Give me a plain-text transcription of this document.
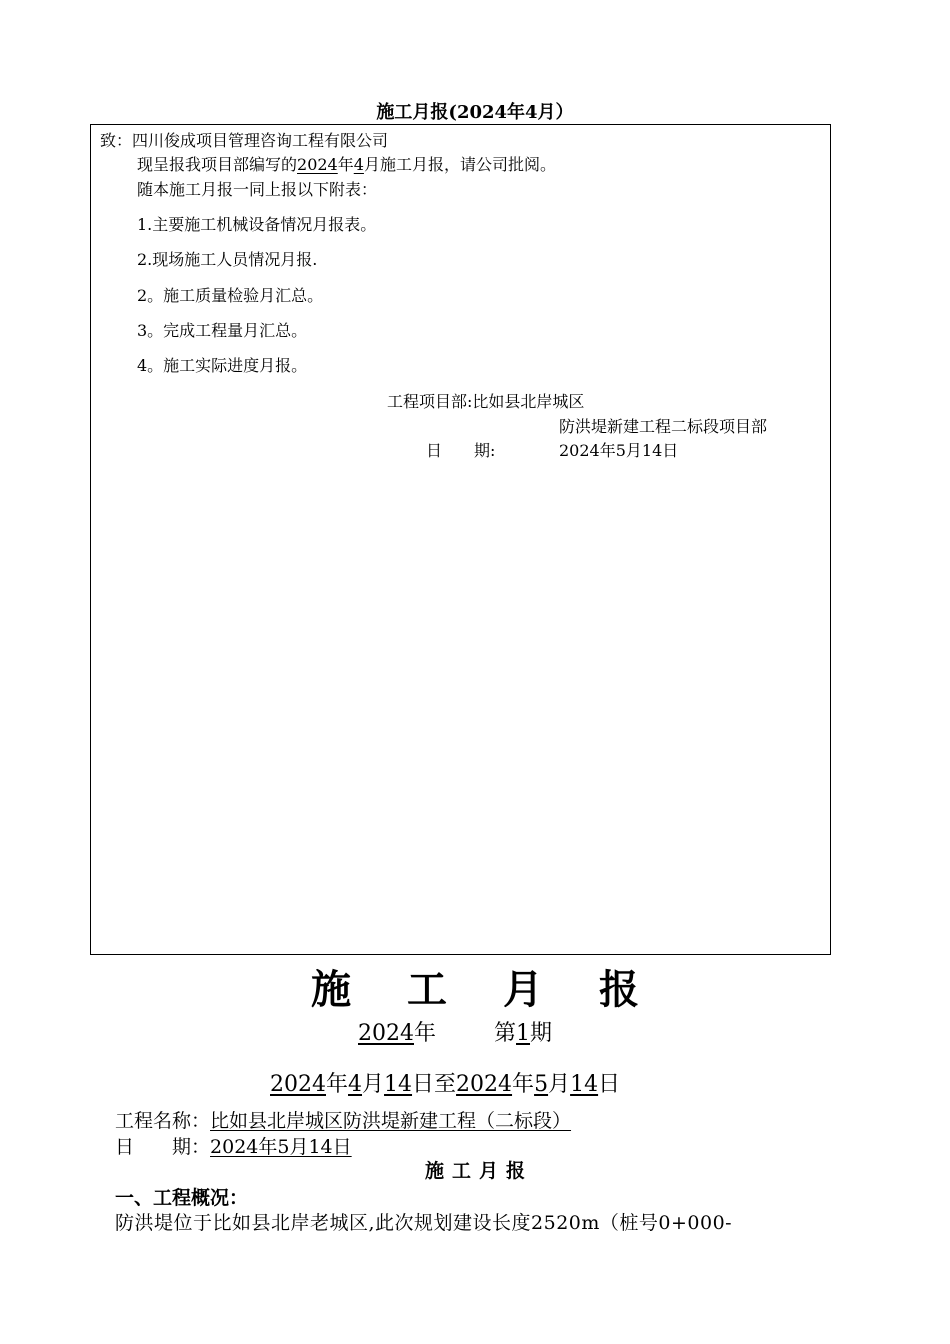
施工月报(2024年4月）
致：四川俊成项目管理咨询工程有限公司
现呈报我项目部编写的2024年4月施工月报，请公司批阅。
随本施工月报一同上报以下附表：
1.主要施工机械设备情况月报表。
2.现场施工人员情况月报.
2。施工质量检验月汇总。
3。完成工程量月汇总。
4。施工实际进度月报。
工程项目部:比如县北岸城区
防洪堤新建工程二标段项目部
日　　期:	2024年5月14日
施 工 月 报
2024年	第1期
2024年4月14日至2024年5月14日
工程名称：比如县北岸城区防洪堤新建工程（二标段）
日　　期：2024年5月14日
施 工 月 报
一、工程概况：
防洪堤位于比如县北岸老城区,此次规划建设长度2520m（桩号0+000-
